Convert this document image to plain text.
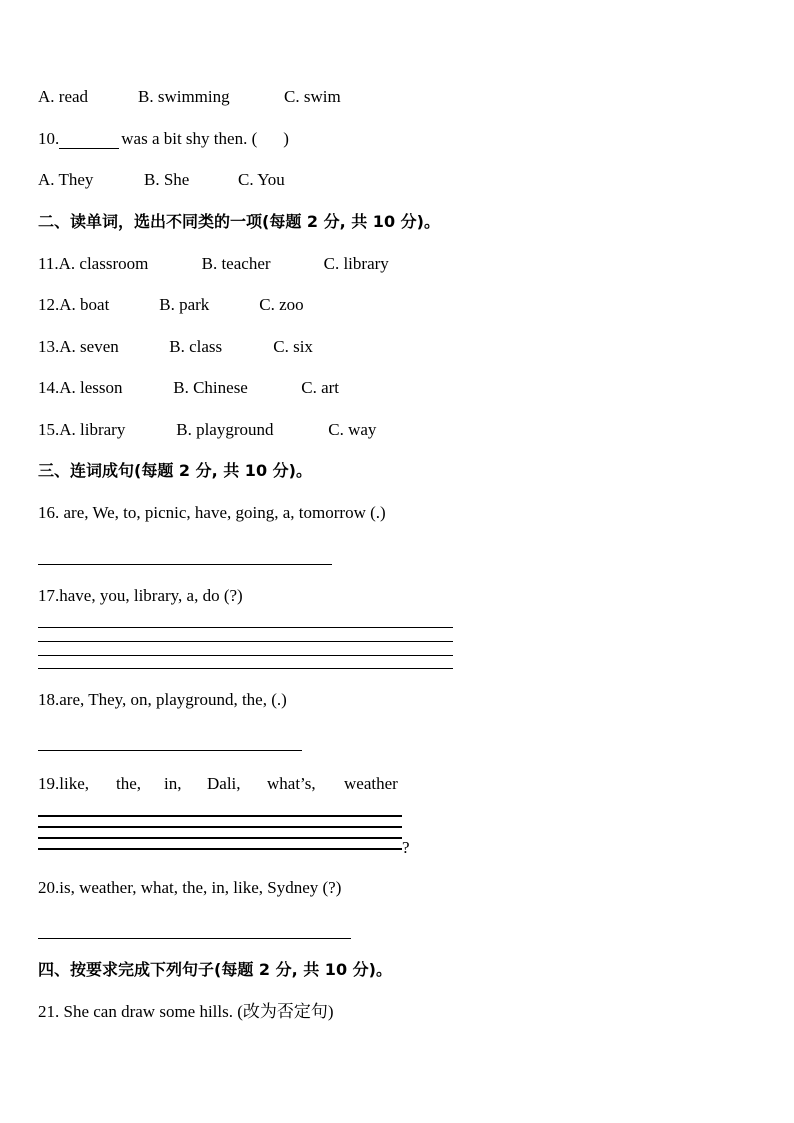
A. read	B. swimming	C. swim
10.	was a bit shy then. ( )
A. They	B. She	C. You
二、读单词，选出不同类的一项(每题 2 分, 共 10 分)。
11.A. classroom	B. teacher	C. library
12.A. boat	B. park	C. zoo
13.A. seven	B. class	C. six
14.A. lesson	B. Chinese	C. art
15.A. library	B. playground	C. way
三、连词成句(每题 2 分, 共 10 分)。
16. are, We, to, picnic, have, going, a, tomorrow (.)
17.have, you, library, a, do (?)
18.are, They, on, playground, the, (.)
19.like, the, in, Dali, what’s, weather
?
20.is, weather, what, the, in, like, Sydney (?)
四、按要求完成下列句子(每题 2 分, 共 10 分)。
21. She can draw some hills. (改为否定句)
